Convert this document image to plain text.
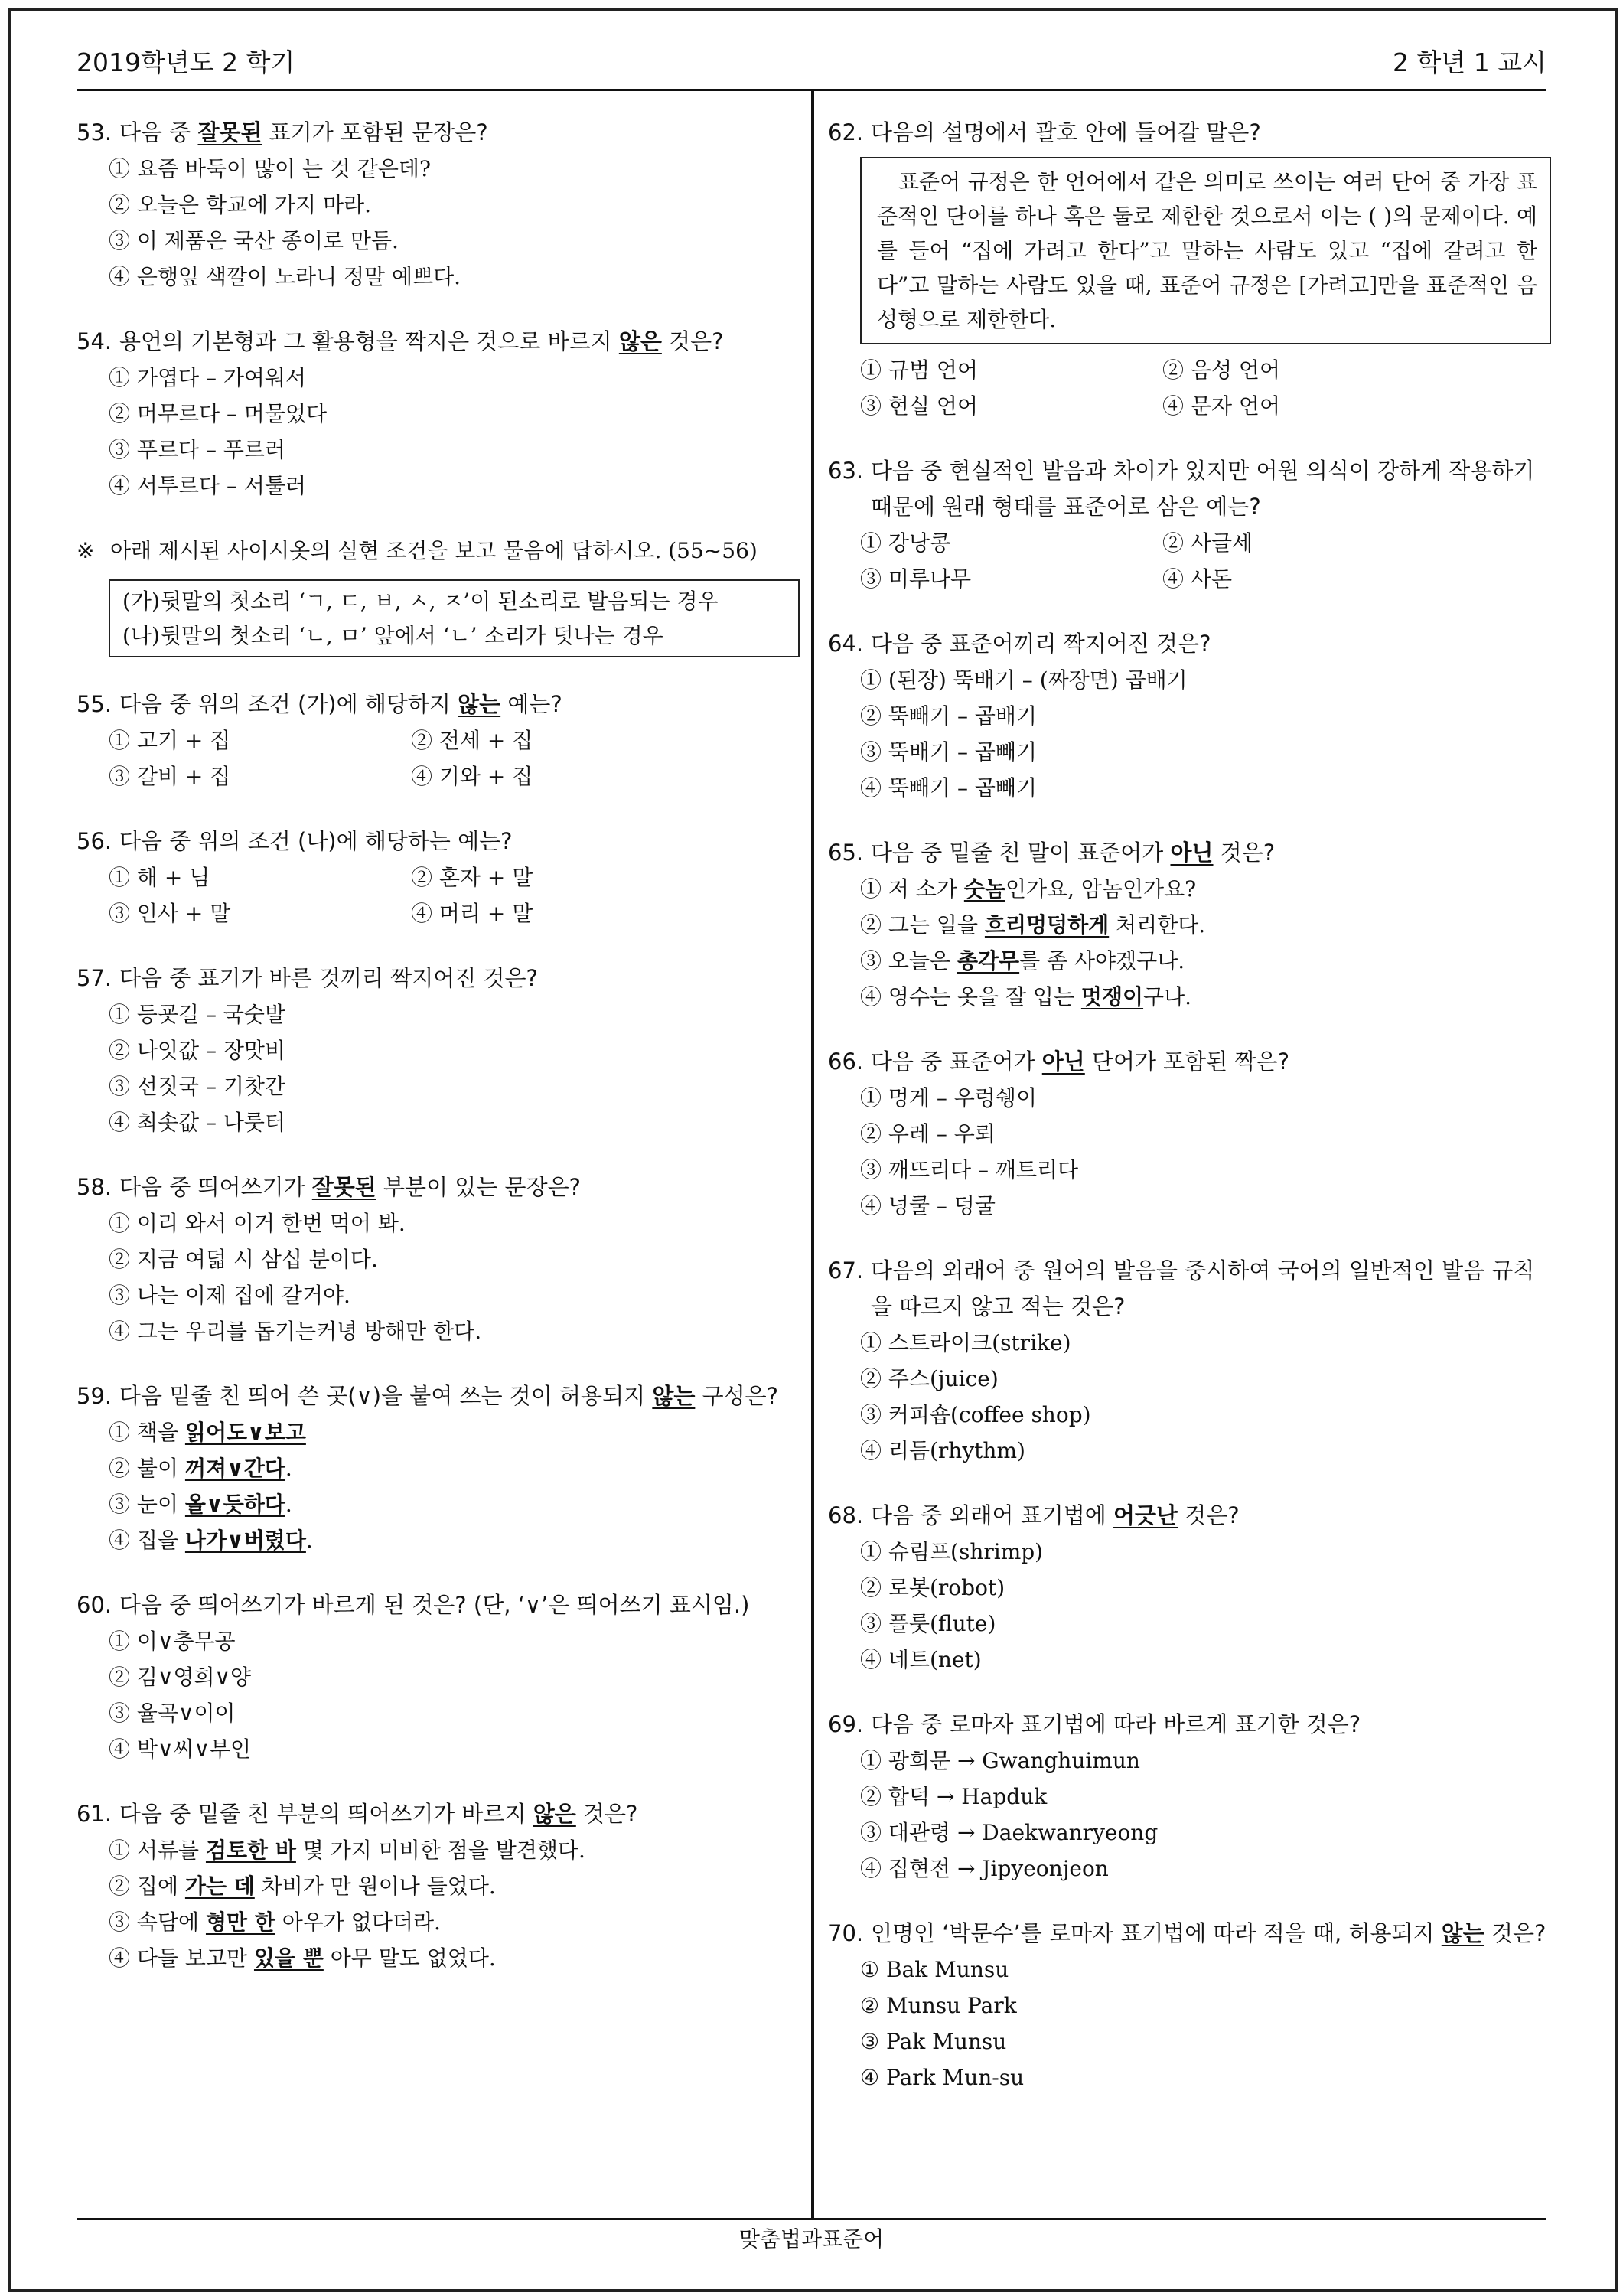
2019학년도 2 학기	2 학년 1 교시
53. 다음 중 잘못된 표기가 포함된 문장은?
① 요즘 바둑이 많이 는 것 같은데?
② 오늘은 학교에 가지 마라.
③ 이 제품은 국산 종이로 만듬.
④ 은행잎 색깔이 노라니 정말 예쁘다.
54. 용언의 기본형과 그 활용형을 짝지은 것으로 바르지 않은 것은?
① 가엽다 – 가여워서
② 머무르다 – 머물었다
③ 푸르다 – 푸르러
④ 서투르다 – 서툴러
※ 아래 제시된 사이시옷의 실현 조건을 보고 물음에 답하시오. (55~56)
(가) 뒷말의 첫소리 ‘ㄱ, ㄷ, ㅂ, ㅅ, ㅈ’이 된소리로 발음되는 경우
(나) 뒷말의 첫소리 ‘ㄴ, ㅁ’ 앞에서 ‘ㄴ’ 소리가 덧나는 경우
55. 다음 중 위의 조건 (가)에 해당하지 않는 예는?
① 고기 + 집	② 전세 + 집
③ 갈비 + 집	④ 기와 + 집
56. 다음 중 위의 조건 (나)에 해당하는 예는?
① 해 + 님	② 혼자 + 말
③ 인사 + 말	④ 머리 + 말
57. 다음 중 표기가 바른 것끼리 짝지어진 것은?
① 등굣길 – 국숫발
② 나잇값 – 장맛비
③ 선짓국 – 기찻간
④ 최솟값 – 나룻터
58. 다음 중 띄어쓰기가 잘못된 부분이 있는 문장은?
① 이리 와서 이거 한번 먹어 봐.
② 지금 여덟 시 삼십 분이다.
③ 나는 이제 집에 갈거야.
④ 그는 우리를 돕기는커녕 방해만 한다.
59. 다음 밑줄 친 띄어 쓴 곳(∨)을 붙여 쓰는 것이 허용되지 않는 구성은?
① 책을 읽어도∨보고
② 불이 꺼져∨간다.
③ 눈이 올∨듯하다.
④ 집을 나가∨버렸다.
60. 다음 중 띄어쓰기가 바르게 된 것은? (단, ‘∨’은 띄어쓰기 표시임.)
① 이∨충무공
② 김∨영희∨양
③ 율곡∨이이
④ 박∨씨∨부인
61. 다음 중 밑줄 친 부분의 띄어쓰기가 바르지 않은 것은?
① 서류를 검토한 바 몇 가지 미비한 점을 발견했다.
② 집에 가는 데 차비가 만 원이나 들었다.
③ 속담에 형만 한 아우가 없다더라.
④ 다들 보고만 있을 뿐 아무 말도 없었다.
62. 다음의 설명에서 괄호 안에 들어갈 말은?
표준어 규정은 한 언어에서 같은 의미로 쓰이는 여러 단어 중 가장 표준적인 단어를 하나 혹은 둘로 제한한 것으로서 이는 ( )의 문제이다. 예를 들어 “집에 가려고 한다”고 말하는 사람도 있고 “집에 갈려고 한다”고 말하는 사람도 있을 때, 표준어 규정은 [가려고]만을 표준적인 음성형으로 제한한다.
① 규범 언어	② 음성 언어
③ 현실 언어	④ 문자 언어
63. 다음 중 현실적인 발음과 차이가 있지만 어원 의식이 강하게 작용하기 때문에 원래 형태를 표준어로 삼은 예는?
① 강낭콩	② 사글세
③ 미루나무	④ 사돈
64. 다음 중 표준어끼리 짝지어진 것은?
① (된장) 뚝배기 – (짜장면) 곱배기
② 뚝빼기 – 곱배기
③ 뚝배기 – 곱빼기
④ 뚝빼기 – 곱빼기
65. 다음 중 밑줄 친 말이 표준어가 아닌 것은?
① 저 소가 숫놈인가요, 암놈인가요?
② 그는 일을 흐리멍덩하게 처리한다.
③ 오늘은 총각무를 좀 사야겠구나.
④ 영수는 옷을 잘 입는 멋쟁이구나.
66. 다음 중 표준어가 아닌 단어가 포함된 짝은?
① 멍게 – 우렁쉥이
② 우레 – 우뢰
③ 깨뜨리다 – 깨트리다
④ 넝쿨 – 덩굴
67. 다음의 외래어 중 원어의 발음을 중시하여 국어의 일반적인 발음 규칙을 따르지 않고 적는 것은?
① 스트라이크(strike)
② 주스(juice)
③ 커피숍(coffee shop)
④ 리듬(rhythm)
68. 다음 중 외래어 표기법에 어긋난 것은?
① 슈림프(shrimp)
② 로봇(robot)
③ 플룻(flute)
④ 네트(net)
69. 다음 중 로마자 표기법에 따라 바르게 표기한 것은?
① 광희문 → Gwanghuimun
② 합덕 → Hapduk
③ 대관령 → Daekwanryeong
④ 집현전 → Jipyeonjeon
70. 인명인 ‘박문수’를 로마자 표기법에 따라 적을 때, 허용되지 않는 것은?
① Bak Munsu
② Munsu Park
③ Pak Munsu
④ Park Mun-su
맞춤법과표준어
